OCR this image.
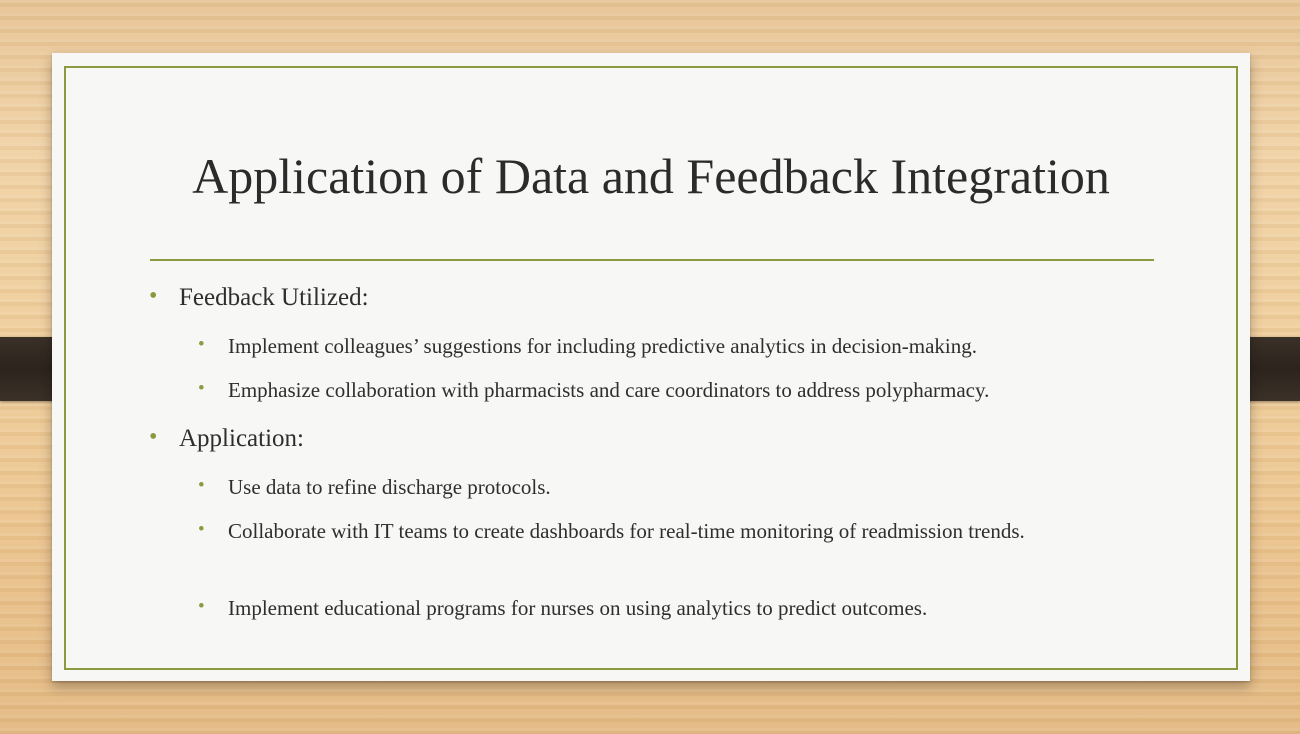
Application of Data and Feedback Integration
• Feedback Utilized:
• Implement colleagues’ suggestions for including predictive analytics in decision-making.
• Emphasize collaboration with pharmacists and care coordinators to address polypharmacy.
• Application:
• Use data to refine discharge protocols.
• Collaborate with IT teams to create dashboards for real-time monitoring of readmission trends.
• Implement educational programs for nurses on using analytics to predict outcomes.
